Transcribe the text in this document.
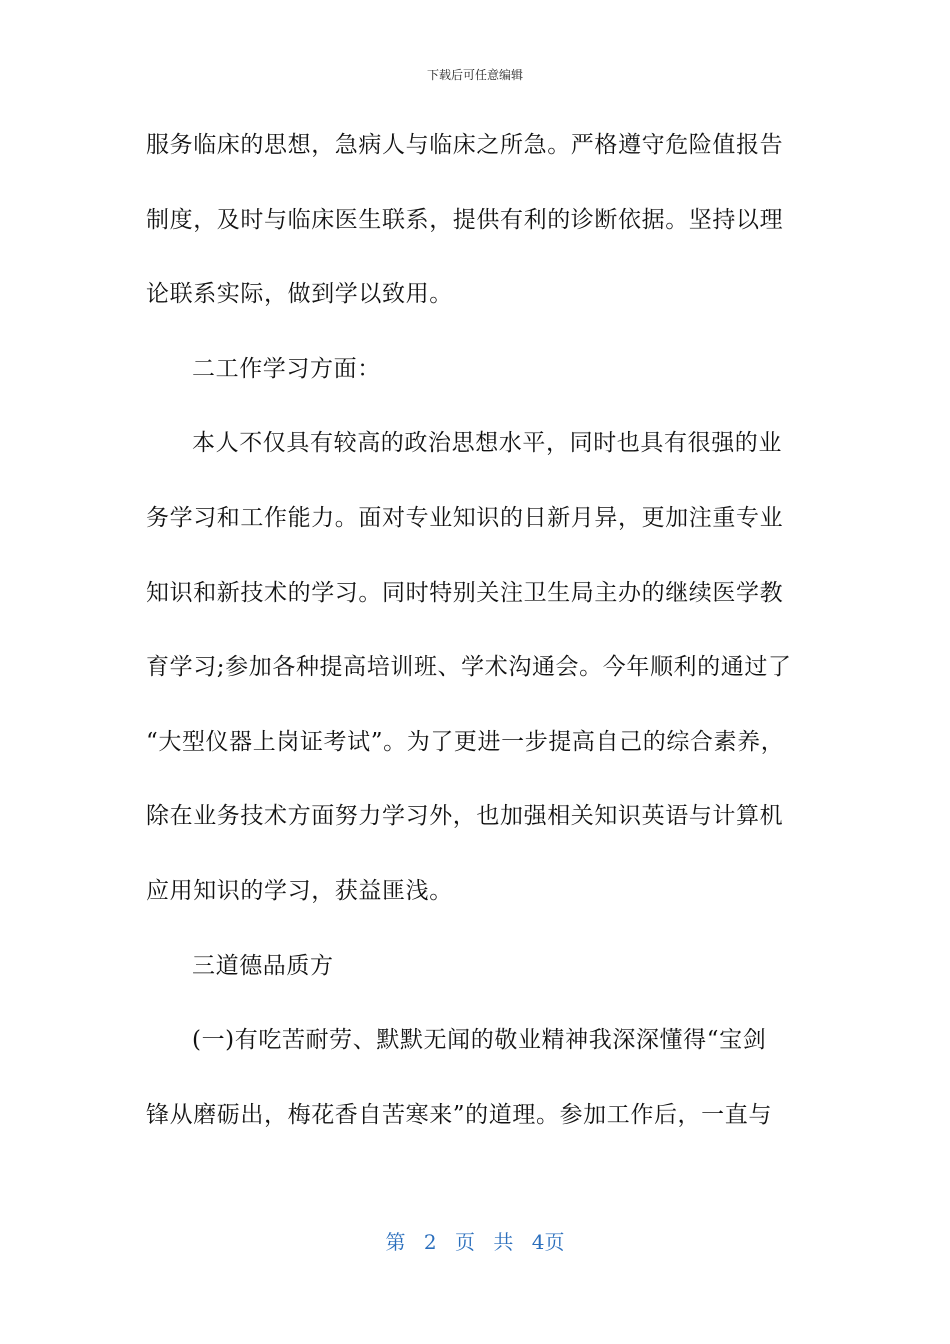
下载后可任意编辑
服务临床的思想，急病人与临床之所急。严格遵守危险值报告
制度，及时与临床医生联系，提供有利的诊断依据。坚持以理
论联系实际，做到学以致用。
二工作学习方面：
本人不仅具有较高的政治思想水平，同时也具有很强的业
务学习和工作能力。面对专业知识的日新月异，更加注重专业
知识和新技术的学习。同时特别关注卫生局主办的继续医学教
育学习;参加各种提高培训班、学术沟通会。今年顺利的通过了
“大型仪器上岗证考试”。为了更进一步提高自己的综合素养，
除在业务技术方面努力学习外，也加强相关知识英语与计算机
应用知识的学习，获益匪浅。
三道德品质方
(一)有吃苦耐劳、默默无闻的敬业精神我深深懂得“宝剑
锋从磨砺出，梅花香自苦寒来”的道理。参加工作后，一直与
第 2 页 共 4页
